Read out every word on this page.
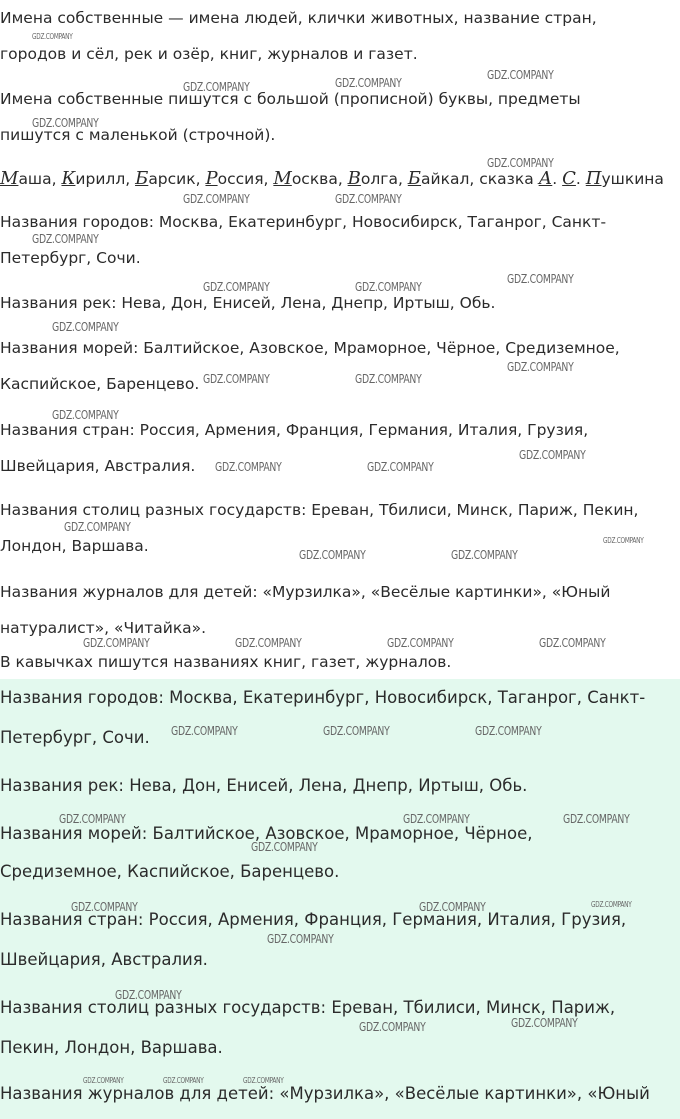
Имена собственные — имена людей, клички животных, название стран,
городов и сёл, рек и озёр, книг, журналов и газет.
Имена собственные пишутся с большой (прописной) буквы, предметы
пишутся с маленькой (строчной).
Названия городов: Москва, Екатеринбург, Новосибирск, Таганрог, Санкт-
Петербург, Сочи.
Названия рек: Нева, Дон, Енисей, Лена, Днепр, Иртыш, Обь.
Названия морей: Балтийское, Азовское, Мраморное, Чёрное, Средиземное,
Каспийское, Баренцево.
Названия стран: Россия, Армения, Франция, Германия, Италия, Грузия,
Швейцария, Австралия.
Названия столиц разных государств: Ереван, Тбилиси, Минск, Париж, Пекин,
Лондон, Варшава.
Названия журналов для детей: «Мурзилка», «Весёлые картинки», «Юный
натуралист», «Читайка».
В кавычках пишутся названиях книг, газет, журналов.
Маша, Кирилл, Барсик, Россия, Москва, Волга, Байкал, сказка А. С. Пушкина
Названия городов: Москва, Екатеринбург, Новосибирск, Таганрог, Санкт-
Петербург, Сочи.
Названия рек: Нева, Дон, Енисей, Лена, Днепр, Иртыш, Обь.
Названия морей: Балтийское, Азовское, Мраморное, Чёрное,
Средиземное, Каспийское, Баренцево.
Названия стран: Россия, Армения, Франция, Германия, Италия, Грузия,
Швейцария, Австралия.
Названия столиц разных государств: Ереван, Тбилиси, Минск, Париж,
Пекин, Лондон, Варшава.
Названия журналов для детей: «Мурзилка», «Весёлые картинки», «Юный
GDZ.COMPANY
GDZ.COMPANY	GDZ.COMPANY
GDZ.COMPANY
GDZ.COMPANY
GDZ.COMPANY
GDZ.COMPANY	GDZ.COMPANY
GDZ.COMPANY
GDZ.COMPANY	GDZ.COMPANY
GDZ.COMPANY
GDZ.COMPANY
GDZ.COMPANY	GDZ.COMPANY
GDZ.COMPANY
GDZ.COMPANY
GDZ.COMPANY	GDZ.COMPANY
GDZ.COMPANY
GDZ.COMPANY
GDZ.COMPANY
GDZ.COMPANY	GDZ.COMPANY
GDZ.COMPANY	GDZ.COMPANY	GDZ.COMPANY	GDZ.COMPANY
GDZ.COMPANY	GDZ.COMPANY	GDZ.COMPANY
GDZ.COMPANY	GDZ.COMPANY	GDZ.COMPANY
GDZ.COMPANY
GDZ.COMPANY	GDZ.COMPANY	GDZ.COMPANY
GDZ.COMPANY
GDZ.COMPANY
GDZ.COMPANY	GDZ.COMPANY
GDZ.COMPANY	GDZ.COMPANY	GDZ.COMPANY
